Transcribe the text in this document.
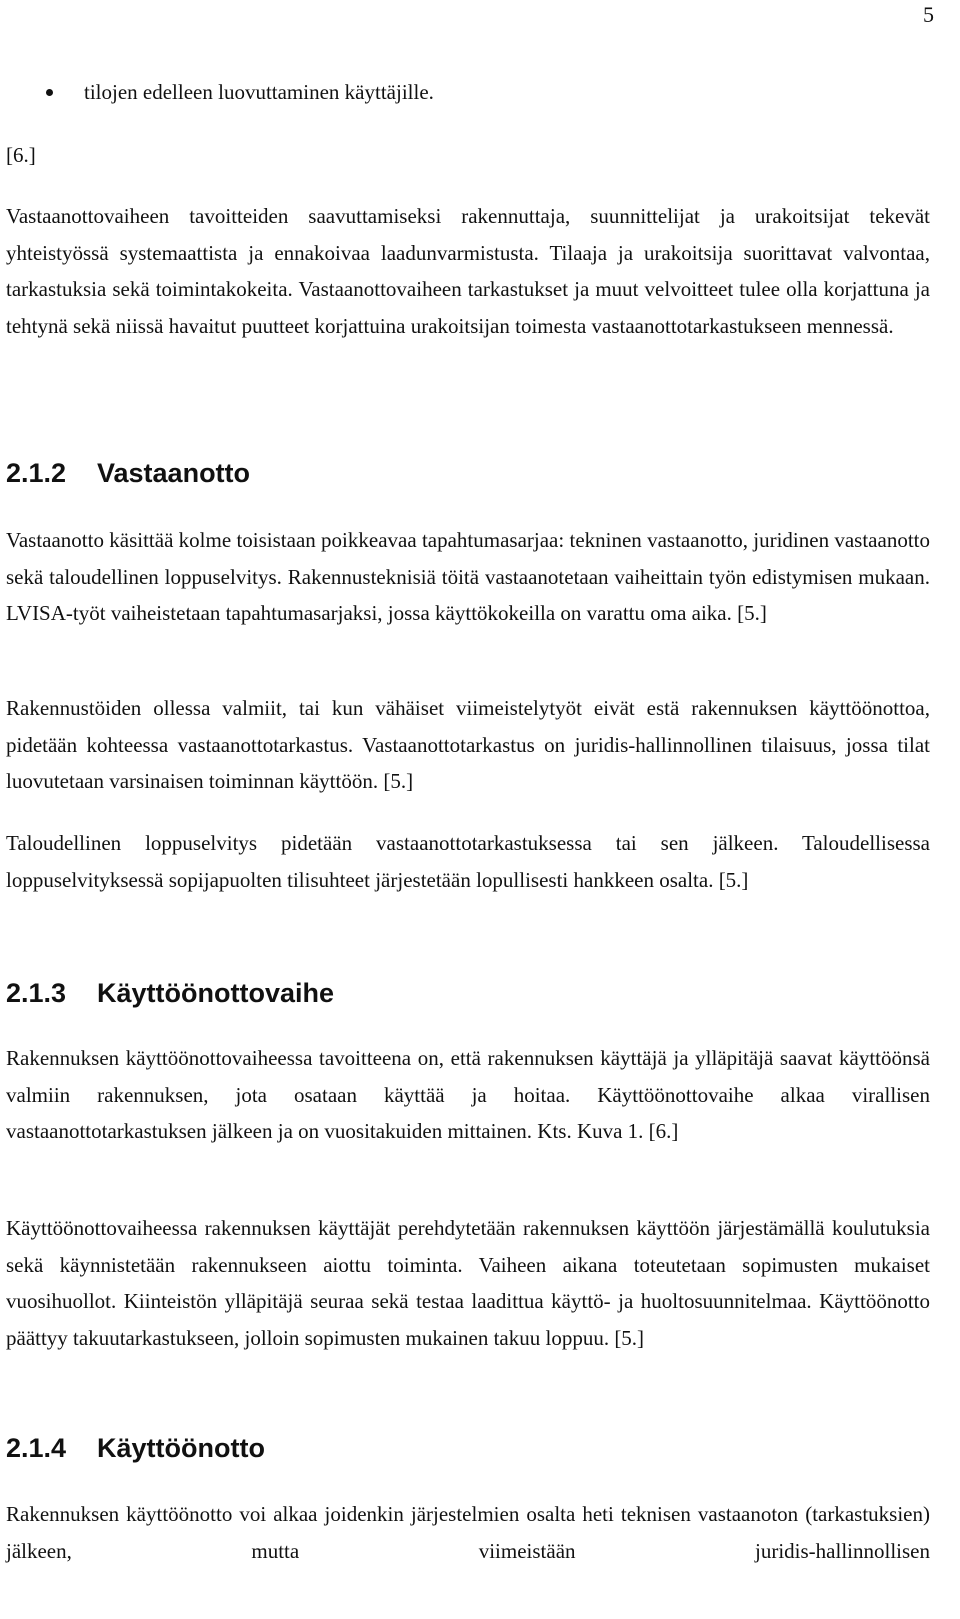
5
tilojen edelleen luovuttaminen käyttäjille.
[6.]
Vastaanottovaiheen tavoitteiden saavuttamiseksi rakennuttaja, suunnittelijat ja urakoitsijat tekevät yhteistyössä systemaattista ja ennakoivaa laadunvarmistusta. Tilaaja ja urakoitsija suorittavat valvontaa, tarkastuksia sekä toimintakokeita. Vastaanottovaiheen tarkastukset ja muut velvoitteet tulee olla korjattuna ja tehtynä sekä niissä havaitut puutteet korjattuina urakoitsijan toimesta vastaanottotarkastukseen mennessä.
2.1.2 Vastaanotto
Vastaanotto käsittää kolme toisistaan poikkeavaa tapahtumasarjaa: tekninen vastaanotto, juridinen vastaanotto sekä taloudellinen loppuselvitys. Rakennusteknisiä töitä vastaanotetaan vaiheittain työn edistymisen mukaan. LVISA-työt vaiheistetaan tapahtumasarjaksi, jossa käyttökokeilla on varattu oma aika. [5.]
Rakennustöiden ollessa valmiit, tai kun vähäiset viimeistelytyöt eivät estä rakennuksen käyttöönottoa, pidetään kohteessa vastaanottotarkastus. Vastaanottotarkastus on juridis-hallinnollinen tilaisuus, jossa tilat luovutetaan varsinaisen toiminnan käyttöön. [5.]
Taloudellinen loppuselvitys pidetään vastaanottotarkastuksessa tai sen jälkeen. Taloudellisessa loppuselvityksessä sopijapuolten tilisuhteet järjestetään lopullisesti hankkeen osalta. [5.]
2.1.3 Käyttöönottovaihe
Rakennuksen käyttöönottovaiheessa tavoitteena on, että rakennuksen käyttäjä ja ylläpitäjä saavat käyttöönsä valmiin rakennuksen, jota osataan käyttää ja hoitaa. Käyttöönottovaihe alkaa virallisen vastaanottotarkastuksen jälkeen ja on vuositakuiden mittainen. Kts. Kuva 1. [6.]
Käyttöönottovaiheessa rakennuksen käyttäjät perehdytetään rakennuksen käyttöön järjestämällä koulutuksia sekä käynnistetään rakennukseen aiottu toiminta. Vaiheen aikana toteutetaan sopimusten mukaiset vuosihuollot. Kiinteistön ylläpitäjä seuraa sekä testaa laadittua käyttö- ja huoltosuunnitelmaa. Käyttöönotto päättyy takuutarkastukseen, jolloin sopimusten mukainen takuu loppuu. [5.]
2.1.4 Käyttöönotto
Rakennuksen käyttöönotto voi alkaa joidenkin järjestelmien osalta heti teknisen vastaanoton (tarkastuksien) jälkeen, mutta viimeistään juridis-hallinnollisen
